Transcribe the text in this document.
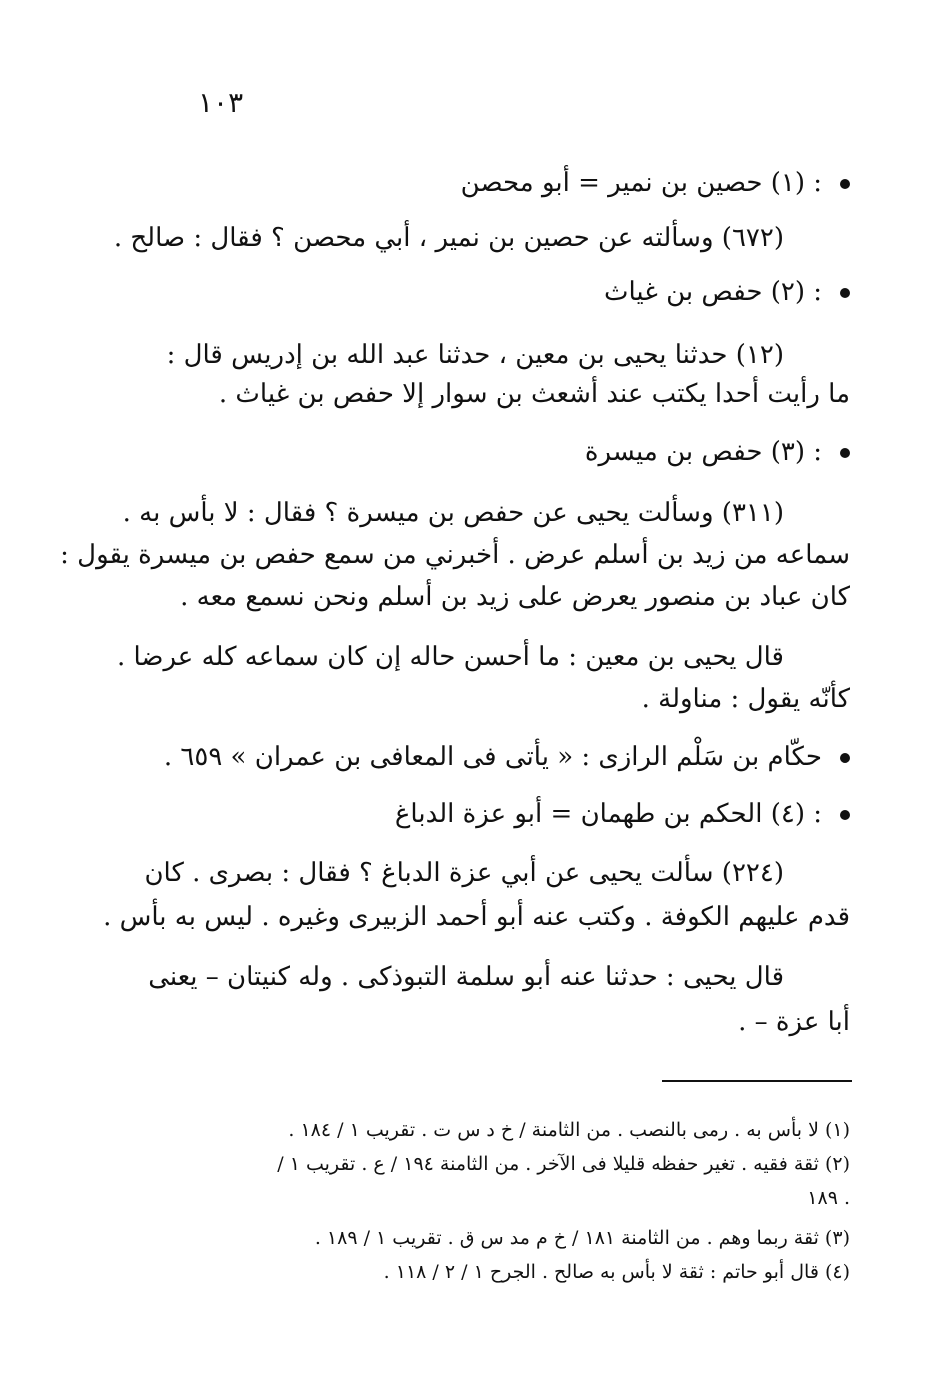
١٠٣
: (١) حصين بن نمير = أبو محصن
(٦٧٢) وسألته عن حصين بن نمير ، أبي محصن ؟ فقال : صالح .
: (٢) حفص بن غياث
(١٢) حدثنا يحيى بن معين ، حدثنا عبد الله بن إدريس قال :
ما رأيت أحدا يكتب عند أشعث بن سوار إلا حفص بن غياث .
: (٣) حفص بن ميسرة
(٣١١) وسألت يحيى عن حفص بن ميسرة ؟ فقال : لا بأس به .
سماعه من زيد بن أسلم عرض . أخبرني من سمع حفص بن ميسرة يقول :
كان عباد بن منصور يعرض على زيد بن أسلم ونحن نسمع معه .
قال يحيى بن معين : ما أحسن حاله إن كان سماعه كله عرضا .
كأنّه يقول : مناولة .
حكّام بن سَلْم الرازى : « يأتى فى المعافى بن عمران » ٦٥٩ .
: (٤) الحكم بن طهمان = أبو عزة الدباغ
(٢٢٤) سألت يحيى عن أبي عزة الدباغ ؟ فقال : بصرى . كان
قدم عليهم الكوفة . وكتب عنه أبو أحمد الزبيرى وغيره . ليس به بأس .
قال يحيى : حدثنا عنه أبو سلمة التبوذكى . وله كنيتان – يعنى
أبا عزة – .
(١) لا بأس به . رمى بالنصب . من الثامنة / خ د س ت . تقريب ١ / ١٨٤ .
(٢) ثقة فقيه . تغير حفظه قليلا فى الآخر . من الثامنة ١٩٤ / ع . تقريب ١ /
. ١٨٩
(٣) ثقة ربما وهم . من الثامنة ١٨١ / خ م مد س ق . تقريب ١ / ١٨٩ .
(٤) قال أبو حاتم : ثقة لا بأس به صالح . الجرح ١ / ٢ / ١١٨ .
